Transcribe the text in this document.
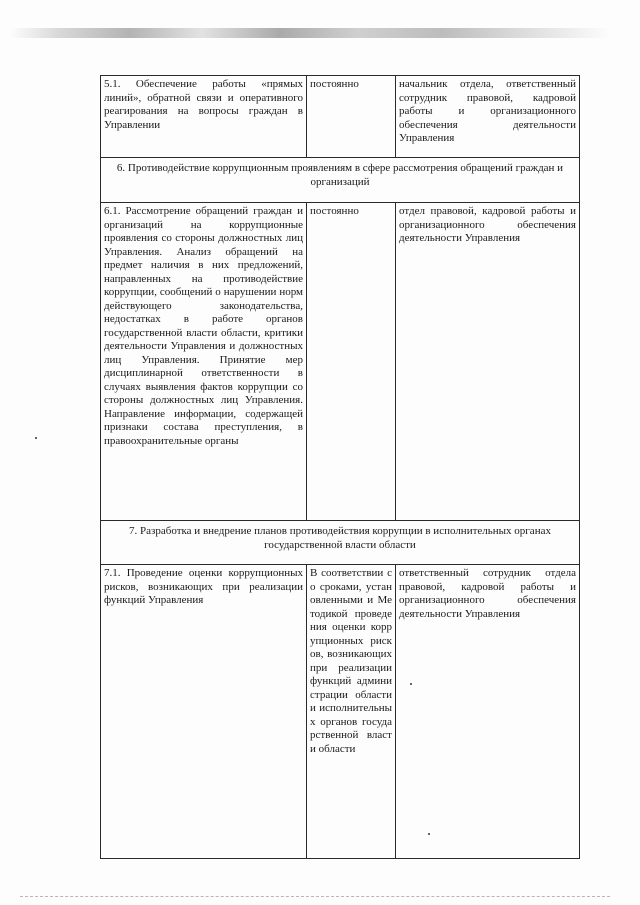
5.1. Обеспечение работы «прямых линий», обратной связи и оперативного реагирования на вопросы граждан в Управлении	постоянно	начальник отдела, ответственный сотрудник правовой, кадровой работы и организационного обеспечения деятельности Управления
6. Противодействие коррупционным проявлениям в сфере рассмотрения обращений граждан и организаций		
6.1. Рассмотрение обращений граждан и организаций на коррупционные проявления со стороны должностных лиц Управления. Анализ обращений на предмет наличия в них предложений, направленных на противодействие коррупции, сообщений о нарушении норм действующего законодательства, недостатках в работе органов государственной власти области, критики деятельности Управления и должностных лиц Управления. Принятие мер дисциплинарной ответственности в случаях выявления фактов коррупции со стороны должностных лиц Управления. Направление информации, содержащей признаки состава преступления, в правоохранительные органы	постоянно	отдел правовой, кадровой работы и организационного обеспечения деятельности Управления
7. Разработка и внедрение планов противодействия коррупции в исполнительных органах государственной власти области		
7.1. Проведение оценки коррупционных рисков, возникающих при реализации функций Управления	В соответствии со сроками, установленными и Методикой проведения оценки коррупционных рисков, возникающих при реализации функций администрации области и исполнительных органов государственной власти области	ответственный сотрудник отдела правовой, кадровой работы и организационного обеспечения деятельности Управления
